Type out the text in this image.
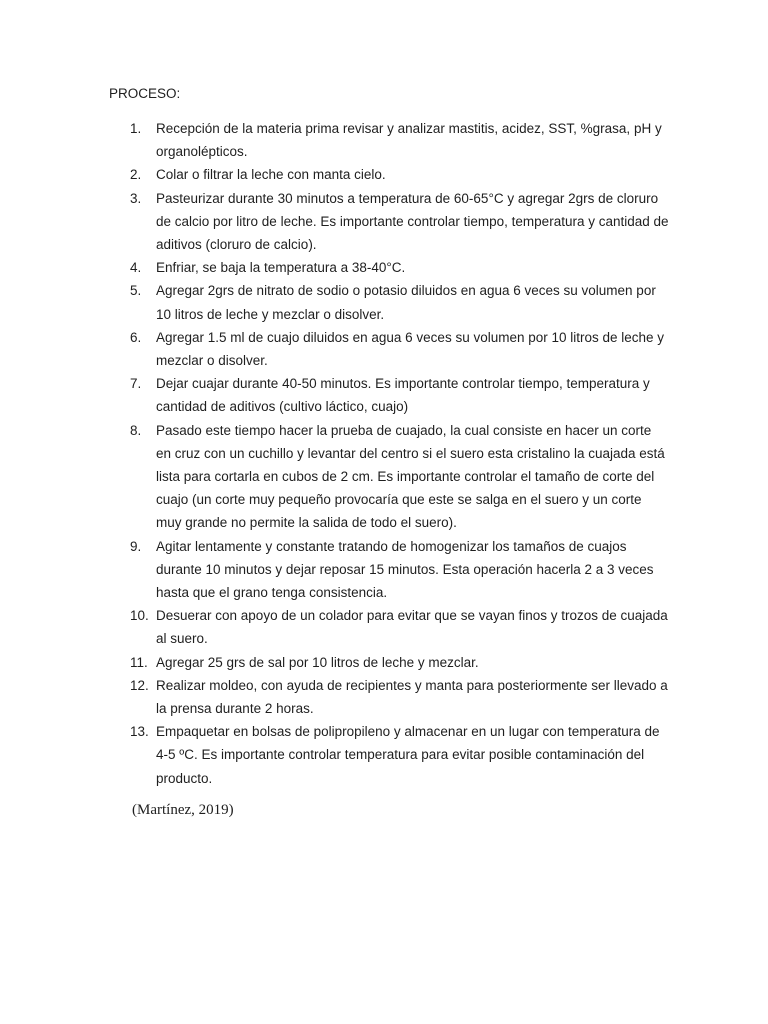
PROCESO:
1. Recepción de la materia prima revisar y analizar mastitis, acidez, SST, %grasa, pH y organolépticos.
2. Colar o filtrar la leche con manta cielo.
3. Pasteurizar durante 30 minutos a temperatura de 60-65°C y agregar 2grs de cloruro de calcio por litro de leche. Es importante controlar tiempo, temperatura y cantidad de aditivos (cloruro de calcio).
4. Enfriar, se baja la temperatura a 38-40°C.
5. Agregar 2grs de nitrato de sodio o potasio diluidos en agua 6 veces su volumen por 10 litros de leche y mezclar o disolver.
6. Agregar 1.5 ml de cuajo diluidos en agua 6 veces su volumen por 10 litros de leche y mezclar o disolver.
7. Dejar cuajar durante 40-50 minutos. Es importante controlar tiempo, temperatura y cantidad de aditivos (cultivo láctico, cuajo)
8. Pasado este tiempo hacer la prueba de cuajado, la cual consiste en hacer un corte en cruz con un cuchillo y levantar del centro si el suero esta cristalino la cuajada está lista para cortarla en cubos de 2 cm. Es importante controlar el tamaño de corte del cuajo (un corte muy pequeño provocaría que este se salga en el suero y un corte muy grande no permite la salida de todo el suero).
9. Agitar lentamente y constante tratando de homogenizar los tamaños de cuajos durante 10 minutos y dejar reposar 15 minutos. Esta operación hacerla 2 a 3 veces hasta que el grano tenga consistencia.
10. Desuerar con apoyo de un colador para evitar que se vayan finos y trozos de cuajada al suero.
11. Agregar 25 grs de sal por 10 litros de leche y mezclar.
12. Realizar moldeo, con ayuda de recipientes y manta para posteriormente ser llevado a la prensa durante 2 horas.
13. Empaquetar en bolsas de polipropileno y almacenar en un lugar con temperatura de 4-5 ºC. Es importante controlar temperatura para evitar posible contaminación del producto.
(Martínez, 2019)
